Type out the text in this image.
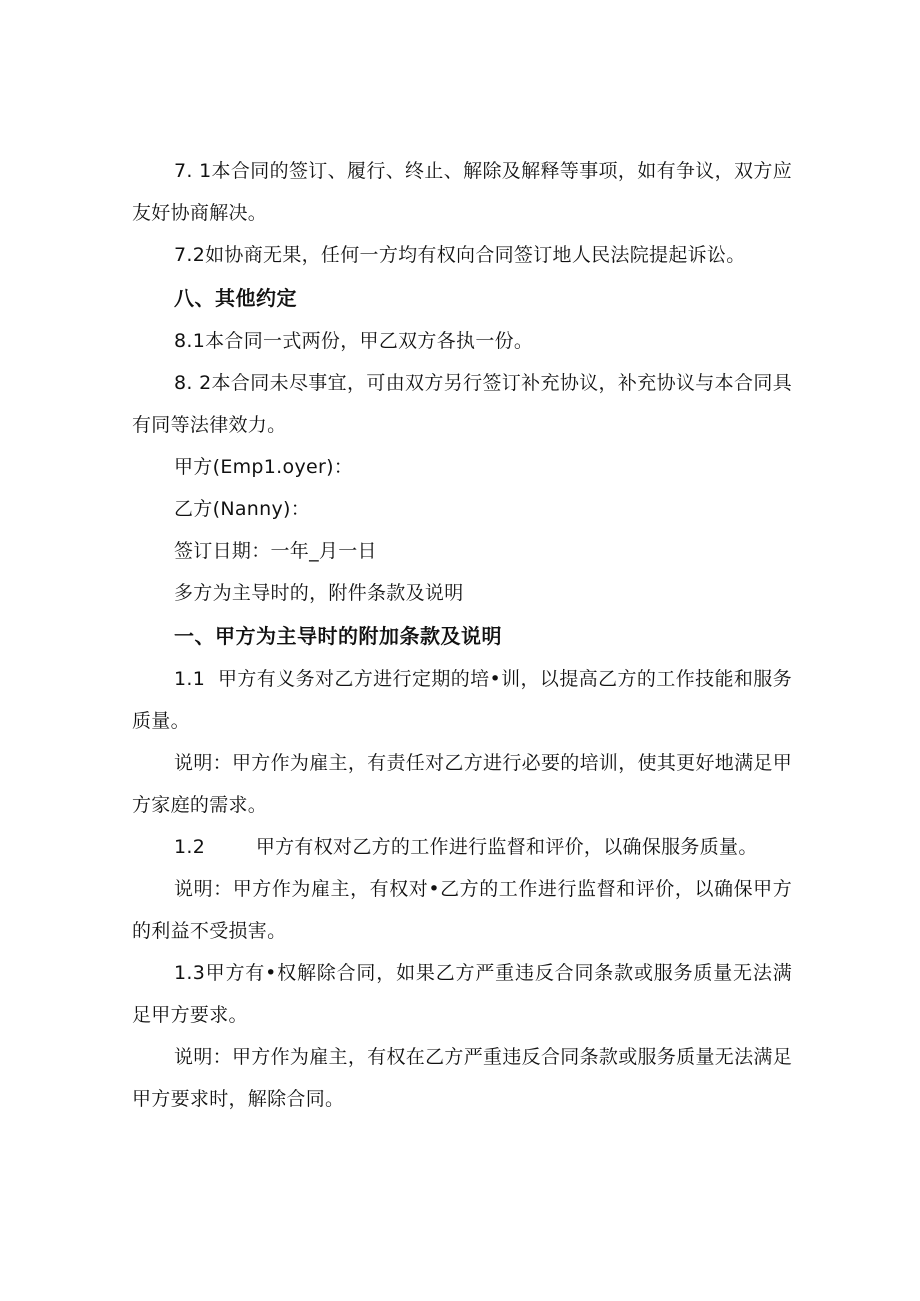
7. 1本合同的签订、履行、终止、解除及解释等事项，如有争议，双方应友好协商解决。

7.2如协商无果，任何一方均有权向合同签订地人民法院提起诉讼。

八、其他约定

8.1本合同一式两份，甲乙双方各执一份。

8. 2本合同未尽事宜，可由双方另行签订补充协议，补充协议与本合同具有同等法律效力。

甲方(Emp1.oyer)：

乙方(Nanny)：

签订日期：一年_月一日

多方为主导时的，附件条款及说明

一、甲方为主导时的附加条款及说明

1.1  甲方有义务对乙方进行定期的培•训，以提高乙方的工作技能和服务质量。

说明：甲方作为雇主，有责任对乙方进行必要的培训，使其更好地满足甲方家庭的需求。

1.2        甲方有权对乙方的工作进行监督和评价，以确保服务质量。

说明：甲方作为雇主，有权对•乙方的工作进行监督和评价，以确保甲方的利益不受损害。

1.3甲方有•权解除合同，如果乙方严重违反合同条款或服务质量无法满足甲方要求。

说明：甲方作为雇主，有权在乙方严重违反合同条款或服务质量无法满足甲方要求时，解除合同。
